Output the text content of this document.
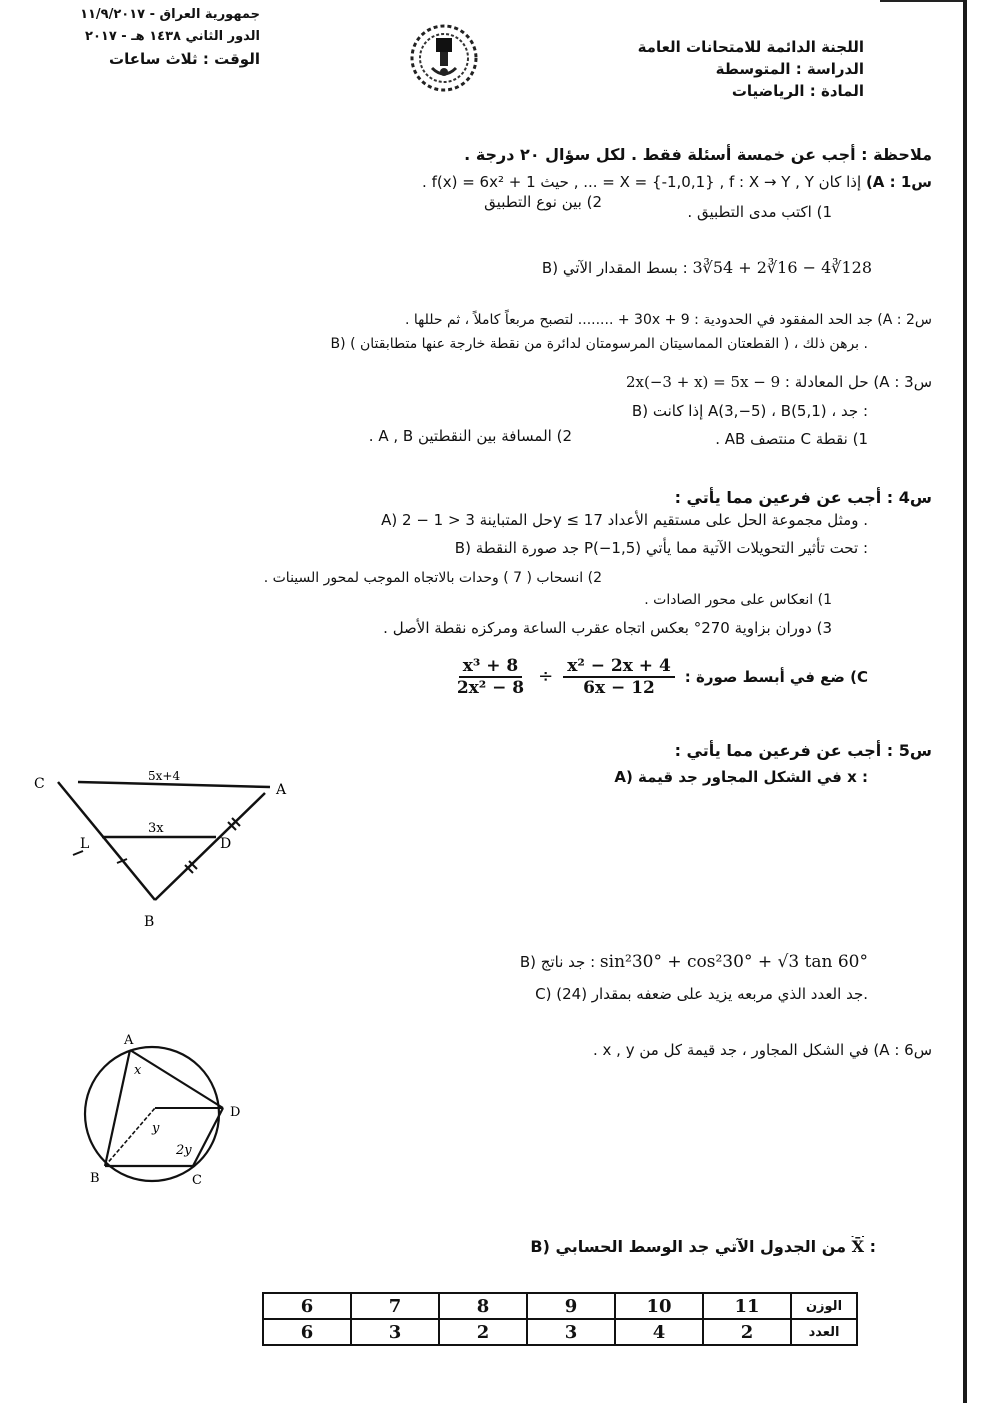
جمهورية العراق - ١١/٩/٢٠١٧
الدور الثاني ١٤٣٨ هـ - ٢٠١٧
الوقت : ثلاث ساعات
اللجنة الدائمة للامتحانات العامة
الدراسة : المتوسطة
المادة : الرياضيات
ملاحظة : أجب عن خمسة أسئلة فقط . لكل سؤال ٢٠ درجة .
س1 : A) إذا كان X = {-1,0,1} , f : X → Y , Y = ... , حيث f(x) = 6x² + 1 .
1) اكتب مدى التطبيق .
2) بين نوع التطبيق
B) بسط المقدار الآتي : 3∛54 + 2∛16 − 4∛128
س2 : A) جد الحد المفقود في الحدودية : 9 + 30x + ........ لتصبح مربعاً كاملاً ، ثم حللها .
B) ( القطعتان المماسيتان المرسومتان لدائرة من نقطة خارجة عنها متطابقتان ) ، برهن ذلك .
س3 : A) حل المعادلة : 2x(−3 + x) = 5x − 9
B) إذا كانت A(3,−5) ، B(5,1) ، جد :
1) نقطة C منتصف AB .
2) المسافة بين النقطتين A , B .
س4 : أجب عن فرعين مما يأتي :
A) حل المتباينة 3 < 1 − 2y ≤ 17 ومثل مجموعة الحل على مستقيم الأعداد .
B) جد صورة النقطة P(−1,5) تحت تأثير التحويلات الآتية مما يأتي :
1) انعكاس على محور الصادات .
2) انسحاب ( 7 ) وحدات بالاتجاه الموجب لمحور السينات .
3) دوران بزاوية 270° بعكس اتجاه عقرب الساعة ومركزه نقطة الأصل .
C) ضع في أبسط صورة :
$\frac{\text{x² − 2x + 4}}{6x - 12}$
÷
$\frac{\text{x³ + 8}}{\text{2x² − 8}}$
س5 : أجب عن فرعين مما يأتي :
A) في الشكل المجاور جد قيمة x :
C	A
L	D
B
5x+4
3x
B) جد ناتج : sin²30° + cos²30° + √3 tan 60°
C) جد العدد الذي مربعه يزيد على ضعفه بمقدار (24).
س6 : A) في الشكل المجاور ، جد قيمة كل من x , y .
A
D
B	C
x
y
2y
B) من الجدول الآتي جد الوسط الحسابي X̄ :
الوزن	11	10	9	8	7	6
العدد	2	4	3	2	3	6
